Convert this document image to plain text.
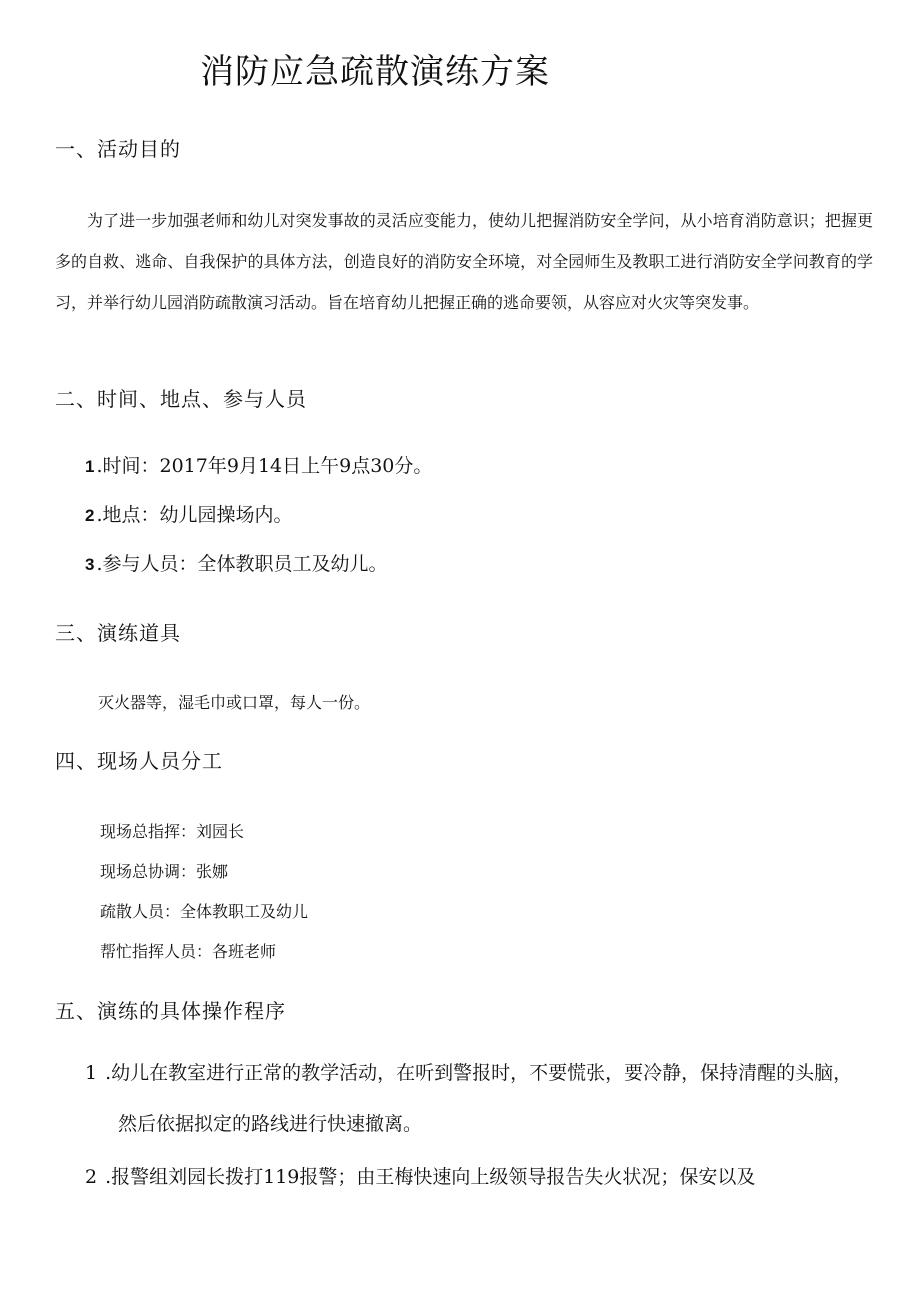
消防应急疏散演练方案
一、活动目的
为了进一步加强老师和幼儿对突发事故的灵活应变能力，使幼儿把握消防安全学问，从小培育消防意识；把握更多的自救、逃命、自我保护的具体方法，创造良好的消防安全环境，对全园师生及教职工进行消防安全学问教育的学习，并举行幼儿园消防疏散演习活动。旨在培育幼儿把握正确的逃命要领，从容应对火灾等突发事。
二、时间、地点、参与人员
1 .时间：2017年9月14日上午9点30分。
2 .地点：幼儿园操场内。
3 .参与人员：全体教职员工及幼儿。
三、演练道具
灭火器等，湿毛巾或口罩，每人一份。
四、现场人员分工
现场总指挥：刘园长
现场总协调：张娜
疏散人员：全体教职工及幼儿
帮忙指挥人员：各班老师
五、演练的具体操作程序
1 .幼儿在教室进行正常的教学活动，在听到警报时，不要慌张，要冷静，保持清醒的头脑，
然后依据拟定的路线进行快速撤离。
2 .报警组刘园长拨打119报警；由王梅快速向上级领导报告失火状况；保安以及
